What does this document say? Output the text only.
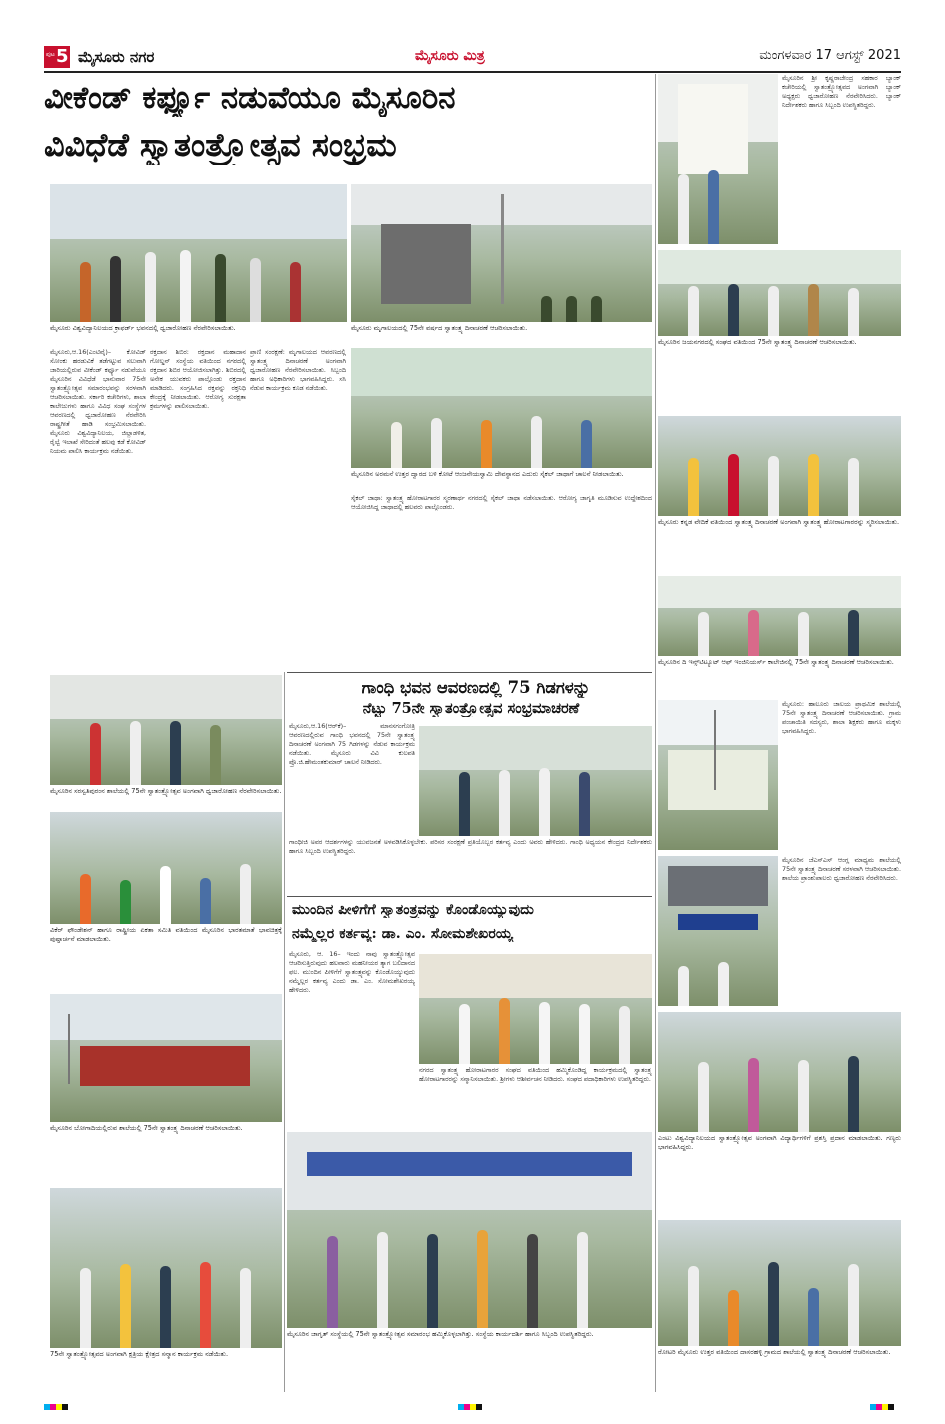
ಪುಟ 5 ಮೈಸೂರು ನಗರ	ಮೈಸೂರು ಮಿತ್ರ	ಮಂಗಳವಾರ 17 ಆಗಸ್ಟ್ 2021
ವೀಕೆಂಡ್ ಕರ್ಫ್ಯೂ ನಡುವೆಯೂ ಮೈಸೂರಿನ
ವಿವಿಧೆಡೆ ಸ್ವಾತಂತ್ರ್ಯೋತ್ಸವ ಸಂಭ್ರಮ
ಮೈಸೂರು ವಿಶ್ವವಿದ್ಯಾನಿಲಯದ ಕ್ರಾಫರ್ಡ್ ಭವನದಲ್ಲಿ ಧ್ವಜಾರೋಹಣ ನೆರವೇರಿಸಲಾಯಿತು.	ಮೈಸೂರು ಮೃಗಾಲಯದಲ್ಲಿ 75ನೇ ವರ್ಷದ ಸ್ವಾತಂತ್ರ್ಯ ದಿನಾಚರಣೆ ಆಚರಿಸಲಾಯಿತು.
ಮೈಸೂರು,ಆ.16(ಎಂಟಿವೈ)– ಕೋವಿಡ್ ಸೋಂಕು ಹರಡುವಿಕೆ ತಡೆಗಟ್ಟುವ ಸಲುವಾಗಿ ಜಾರಿಯಲ್ಲಿರುವ ವೀಕೆಂಡ್ ಕರ್ಫ್ಯೂ ನಡುವೆಯೂ ಮೈಸೂರಿನ ವಿವಿಧೆಡೆ ಭಾನುವಾರ 75ನೇ ಸ್ವಾತಂತ್ರ್ಯೋತ್ಸವ ಸಮಾರಂಭವನ್ನು ಸರಳವಾಗಿ ಆಚರಿಸಲಾಯಿತು. ಸರ್ಕಾರಿ ಕಚೇರಿಗಳು, ಶಾಲಾ ಕಾಲೇಜುಗಳು ಹಾಗೂ ವಿವಿಧ ಸಂಘ ಸಂಸ್ಥೆಗಳ ಆವರಣದಲ್ಲಿ ಧ್ವಜಾರೋಹಣ ನೆರವೇರಿಸಿ ರಾಷ್ಟ್ರಗೀತೆ ಹಾಡಿ ಸಂಭ್ರಮಿಸಲಾಯಿತು. ಮೈಸೂರು ವಿಶ್ವವಿದ್ಯಾನಿಲಯ, ಜಿಲ್ಲಾಡಳಿತ, ರೈಲ್ವೆ ಇಲಾಖೆ ಸೇರಿದಂತೆ ಹಲವು ಕಡೆ ಕೋವಿಡ್ ನಿಯಮ ಪಾಲಿಸಿ ಕಾರ್ಯಕ್ರಮ ನಡೆಯಿತು.
ರಕ್ತದಾನ ಶಿಬಿರ: ರಕ್ತದಾನ ಮಹಾದಾನ ಗೋಲ್ಡನ್ ಸಂಸ್ಥೆಯ ವತಿಯಿಂದ ನಗರದಲ್ಲಿ ರಕ್ತದಾನ ಶಿಬಿರ ಆಯೋಜಿಸಲಾಗಿತ್ತು. ಶಿಬಿರದಲ್ಲಿ ಅನೇಕ ಯುವಕರು ಪಾಲ್ಗೊಂಡು ರಕ್ತದಾನ ಮಾಡಿದರು. ಸಂಗ್ರಹಿಸಿದ ರಕ್ತವನ್ನು ರಕ್ತನಿಧಿ ಕೇಂದ್ರಕ್ಕೆ ನೀಡಲಾಯಿತು. ಆರೋಗ್ಯ ಸುರಕ್ಷತಾ ಕ್ರಮಗಳನ್ನು ಪಾಲಿಸಲಾಯಿತು.
ಪ್ರಾಣಿ ಸಂರಕ್ಷಣೆ: ಮೃಗಾಲಯದ ಆವರಣದಲ್ಲಿ ಸ್ವಾತಂತ್ರ್ಯ ದಿನಾಚರಣೆ ಅಂಗವಾಗಿ ಧ್ವಜಾರೋಹಣ ನೆರವೇರಿಸಲಾಯಿತು. ಸಿಬ್ಬಂದಿ ಹಾಗೂ ಅಧಿಕಾರಿಗಳು ಭಾಗವಹಿಸಿದ್ದರು. ಸಸಿ ನೆಡುವ ಕಾರ್ಯಕ್ರಮ ಕೂಡ ನಡೆಯಿತು.
ಮೈಸೂರಿನ ಅರಮನೆ ಉತ್ತರ ದ್ವಾರದ ಬಳಿ ಕೋಟೆ ಆಂಜನೇಯಸ್ವಾಮಿ ದೇವಸ್ಥಾನದ ಎದುರು ಸೈಕಲ್ ಜಾಥಾಗೆ ಚಾಲನೆ ನೀಡಲಾಯಿತು.
ಸೈಕಲ್ ಜಾಥಾ: ಸ್ವಾತಂತ್ರ್ಯ ಹೋರಾಟಗಾರರ ಸ್ಮರಣಾರ್ಥ ನಗರದಲ್ಲಿ ಸೈಕಲ್ ಜಾಥಾ ನಡೆಸಲಾಯಿತು. ಆರೋಗ್ಯ ಜಾಗೃತಿ ಮೂಡಿಸುವ ಉದ್ದೇಶದಿಂದ ಆಯೋಜಿಸಿದ್ದ ಜಾಥಾದಲ್ಲಿ ಹಲವರು ಪಾಲ್ಗೊಂಡರು.
ಮೈಸೂರಿನ ಸರಸ್ವತಿಪುರಂನ ಶಾಲೆಯಲ್ಲಿ 75ನೇ ಸ್ವಾತಂತ್ರ್ಯೋತ್ಸವ ಅಂಗವಾಗಿ ಧ್ವಜಾರೋಹಣ ನೆರವೇರಿಸಲಾಯಿತು.
ವಿಕೆರ್ ಫೌಂಡೇಶನ್ ಹಾಗೂ ರಾಷ್ಟ್ರೀಯ ಏಕತಾ ಸಮಿತಿ ವತಿಯಿಂದ ಮೈಸೂರಿನ ಭಾರತಮಾತೆ ಭಾವಚಿತ್ರಕ್ಕೆ ಪುಷ್ಪಾರ್ಚನೆ ಮಾಡಲಾಯಿತು.
ಮೈಸೂರಿನ ಬೋಗಾದಿಯಲ್ಲಿರುವ ಶಾಲೆಯಲ್ಲಿ 75ನೇ ಸ್ವಾತಂತ್ರ್ಯ ದಿನಾಚರಣೆ ಆಚರಿಸಲಾಯಿತು.
75ನೇ ಸ್ವಾತಂತ್ರ್ಯೋತ್ಸವದ ಅಂಗವಾಗಿ ಕ್ಷತ್ರಿಯ ಕ್ಷೇತ್ರದ ಸನ್ಮಾನ ಕಾರ್ಯಕ್ರಮ ನಡೆಯಿತು.
ಗಾಂಧಿ ಭವನ ಆವರಣದಲ್ಲಿ 75 ಗಿಡಗಳನ್ನು
ನೆಟ್ಟು 75ನೇ ಸ್ವಾತಂತ್ರ್ಯೋತ್ಸವ ಸಂಭ್ರಮಾಚರಣೆ
ಮೈಸೂರು,ಆ.16(ಆರ್‌ಕೆ)– ಮಾನಸಗಂಗೋತ್ರಿ ಆವರಣದಲ್ಲಿರುವ ಗಾಂಧಿ ಭವನದಲ್ಲಿ 75ನೇ ಸ್ವಾತಂತ್ರ್ಯ ದಿನಾಚರಣೆ ಅಂಗವಾಗಿ 75 ಗಿಡಗಳನ್ನು ನೆಡುವ ಕಾರ್ಯಕ್ರಮ ನಡೆಯಿತು. ಮೈಸೂರು ವಿವಿ ಕುಲಪತಿ ಪ್ರೊ.ಜಿ.ಹೇಮಂತಕುಮಾರ್ ಚಾಲನೆ ನೀಡಿದರು.
ಗಾಂಧೀಜಿ ಅವರ ಆದರ್ಶಗಳನ್ನು ಯುವಜನತೆ ಅಳವಡಿಸಿಕೊಳ್ಳಬೇಕು. ಪರಿಸರ ಸಂರಕ್ಷಣೆ ಪ್ರತಿಯೊಬ್ಬರ ಕರ್ತವ್ಯ ಎಂದು ಅವರು ಹೇಳಿದರು. ಗಾಂಧಿ ಅಧ್ಯಯನ ಕೇಂದ್ರದ ನಿರ್ದೇಶಕರು ಹಾಗೂ ಸಿಬ್ಬಂದಿ ಉಪಸ್ಥಿತರಿದ್ದರು.
ಮುಂದಿನ ಪೀಳಿಗೆಗೆ ಸ್ವಾತಂತ್ರ್ಯವನ್ನು ಕೊಂಡೊಯ್ಯುವುದು
ನಮ್ಮೆಲ್ಲರ ಕರ್ತವ್ಯ: ಡಾ. ಎಂ. ಸೋಮಶೇಖರಯ್ಯ
ಮೈಸೂರು, ಆ. 16– ಇಂದು ನಾವು ಸ್ವಾತಂತ್ರ್ಯೋತ್ಸವ ಆಚರಿಸುತ್ತಿರುವುದು ಹಲವಾರು ಮಹನೀಯರ ತ್ಯಾಗ ಬಲಿದಾನದ ಫಲ. ಮುಂದಿನ ಪೀಳಿಗೆಗೆ ಸ್ವಾತಂತ್ರ್ಯವನ್ನು ಕೊಂಡೊಯ್ಯುವುದು ನಮ್ಮೆಲ್ಲರ ಕರ್ತವ್ಯ ಎಂದು ಡಾ. ಎಂ. ಸೋಮಶೇಖರಯ್ಯ ಹೇಳಿದರು.
ನಗರದ ಸ್ವಾತಂತ್ರ್ಯ ಹೋರಾಟಗಾರರ ಸಂಘದ ವತಿಯಿಂದ ಹಮ್ಮಿಕೊಂಡಿದ್ದ ಕಾರ್ಯಕ್ರಮದಲ್ಲಿ ಸ್ವಾತಂತ್ರ್ಯ ಹೋರಾಟಗಾರರನ್ನು ಸನ್ಮಾನಿಸಲಾಯಿತು. ಶ್ರೀಗಳು ಆಶೀರ್ವಚನ ನೀಡಿದರು. ಸಂಘದ ಪದಾಧಿಕಾರಿಗಳು ಉಪಸ್ಥಿತರಿದ್ದರು.
ಮೈಸೂರಿನ ಜಾಗೃತ್ ಸಂಸ್ಥೆಯಲ್ಲಿ 75ನೇ ಸ್ವಾತಂತ್ರ್ಯೋತ್ಸವ ಸಮಾರಂಭ ಹಮ್ಮಿಕೊಳ್ಳಲಾಗಿತ್ತು. ಸಂಸ್ಥೆಯ ಕಾರ್ಯದರ್ಶಿ ಹಾಗೂ ಸಿಬ್ಬಂದಿ ಉಪಸ್ಥಿತರಿದ್ದರು.
ಮೈಸೂರಿನ ಶ್ರೀ ಕೃಷ್ಣರಾಜೇಂದ್ರ ಸಹಕಾರ ಬ್ಯಾಂಕ್ ಕಚೇರಿಯಲ್ಲಿ ಸ್ವಾತಂತ್ರ್ಯೋತ್ಸವದ ಅಂಗವಾಗಿ ಬ್ಯಾಂಕ್ ಅಧ್ಯಕ್ಷರು ಧ್ವಜಾರೋಹಣ ನೆರವೇರಿಸಿದರು. ಬ್ಯಾಂಕ್ ನಿರ್ದೇಶಕರು ಹಾಗೂ ಸಿಬ್ಬಂದಿ ಉಪಸ್ಥಿತರಿದ್ದರು.
ಮೈಸೂರಿನ ಜಯನಗರದಲ್ಲಿ ಸಂಘದ ವತಿಯಿಂದ 75ನೇ ಸ್ವಾತಂತ್ರ್ಯ ದಿನಾಚರಣೆ ಆಚರಿಸಲಾಯಿತು.
ಮೈಸೂರು ಕನ್ನಡ ವೇದಿಕೆ ವತಿಯಿಂದ ಸ್ವಾತಂತ್ರ್ಯ ದಿನಾಚರಣೆ ಅಂಗವಾಗಿ ಸ್ವಾತಂತ್ರ್ಯ ಹೋರಾಟಗಾರರನ್ನು ಸ್ಮರಿಸಲಾಯಿತು.
ಮೈಸೂರಿನ ದಿ ಇನ್ಸ್‌ಟಿಟ್ಯೂಟ್ ಆಫ್ ಇಂಜಿನಿಯರ್ಸ್ ಕಾಲೇಜಿನಲ್ಲಿ 75ನೇ ಸ್ವಾತಂತ್ರ್ಯ ದಿನಾಚರಣೆ ಆಚರಿಸಲಾಯಿತು.
ಮೈಸೂರು: ಹಾಲೂರು ಜಾಲಯ ಪ್ರಾಥಮಿಕ ಶಾಲೆಯಲ್ಲಿ 75ನೇ ಸ್ವಾತಂತ್ರ್ಯ ದಿನಾಚರಣೆ ಆಚರಿಸಲಾಯಿತು. ಗ್ರಾಮ ಪಂಚಾಯಿತಿ ಸದಸ್ಯರು, ಶಾಲಾ ಶಿಕ್ಷಕರು ಹಾಗೂ ಮಕ್ಕಳು ಭಾಗವಹಿಸಿದ್ದರು.
ಮೈಸೂರಿನ ಜೆಎಸ್‌ಎಸ್ ಆಂಗ್ಲ ಮಾಧ್ಯಮ ಶಾಲೆಯಲ್ಲಿ 75ನೇ ಸ್ವಾತಂತ್ರ್ಯ ದಿನಾಚರಣೆ ಸರಳವಾಗಿ ಆಚರಿಸಲಾಯಿತು. ಶಾಲೆಯ ಪ್ರಾಂಶುಪಾಲರು ಧ್ವಜಾರೋಹಣ ನೆರವೇರಿಸಿದರು.
ಎಂಟು ವಿಶ್ವವಿದ್ಯಾನಿಲಯದ ಸ್ವಾತಂತ್ರ್ಯೋತ್ಸವ ಅಂಗವಾಗಿ ವಿದ್ಯಾರ್ಥಿಗಳಿಗೆ ಪ್ರಶಸ್ತಿ ಪ್ರದಾನ ಮಾಡಲಾಯಿತು. ಗಣ್ಯರು ಭಾಗವಹಿಸಿದ್ದರು.
ರೋಟರಿ ಮೈಸೂರು ಉತ್ತರ ವತಿಯಿಂದ ದಾಸರಹಳ್ಳಿ ಗ್ರಾಮದ ಶಾಲೆಯಲ್ಲಿ ಸ್ವಾತಂತ್ರ್ಯ ದಿನಾಚರಣೆ ಆಚರಿಸಲಾಯಿತು.
